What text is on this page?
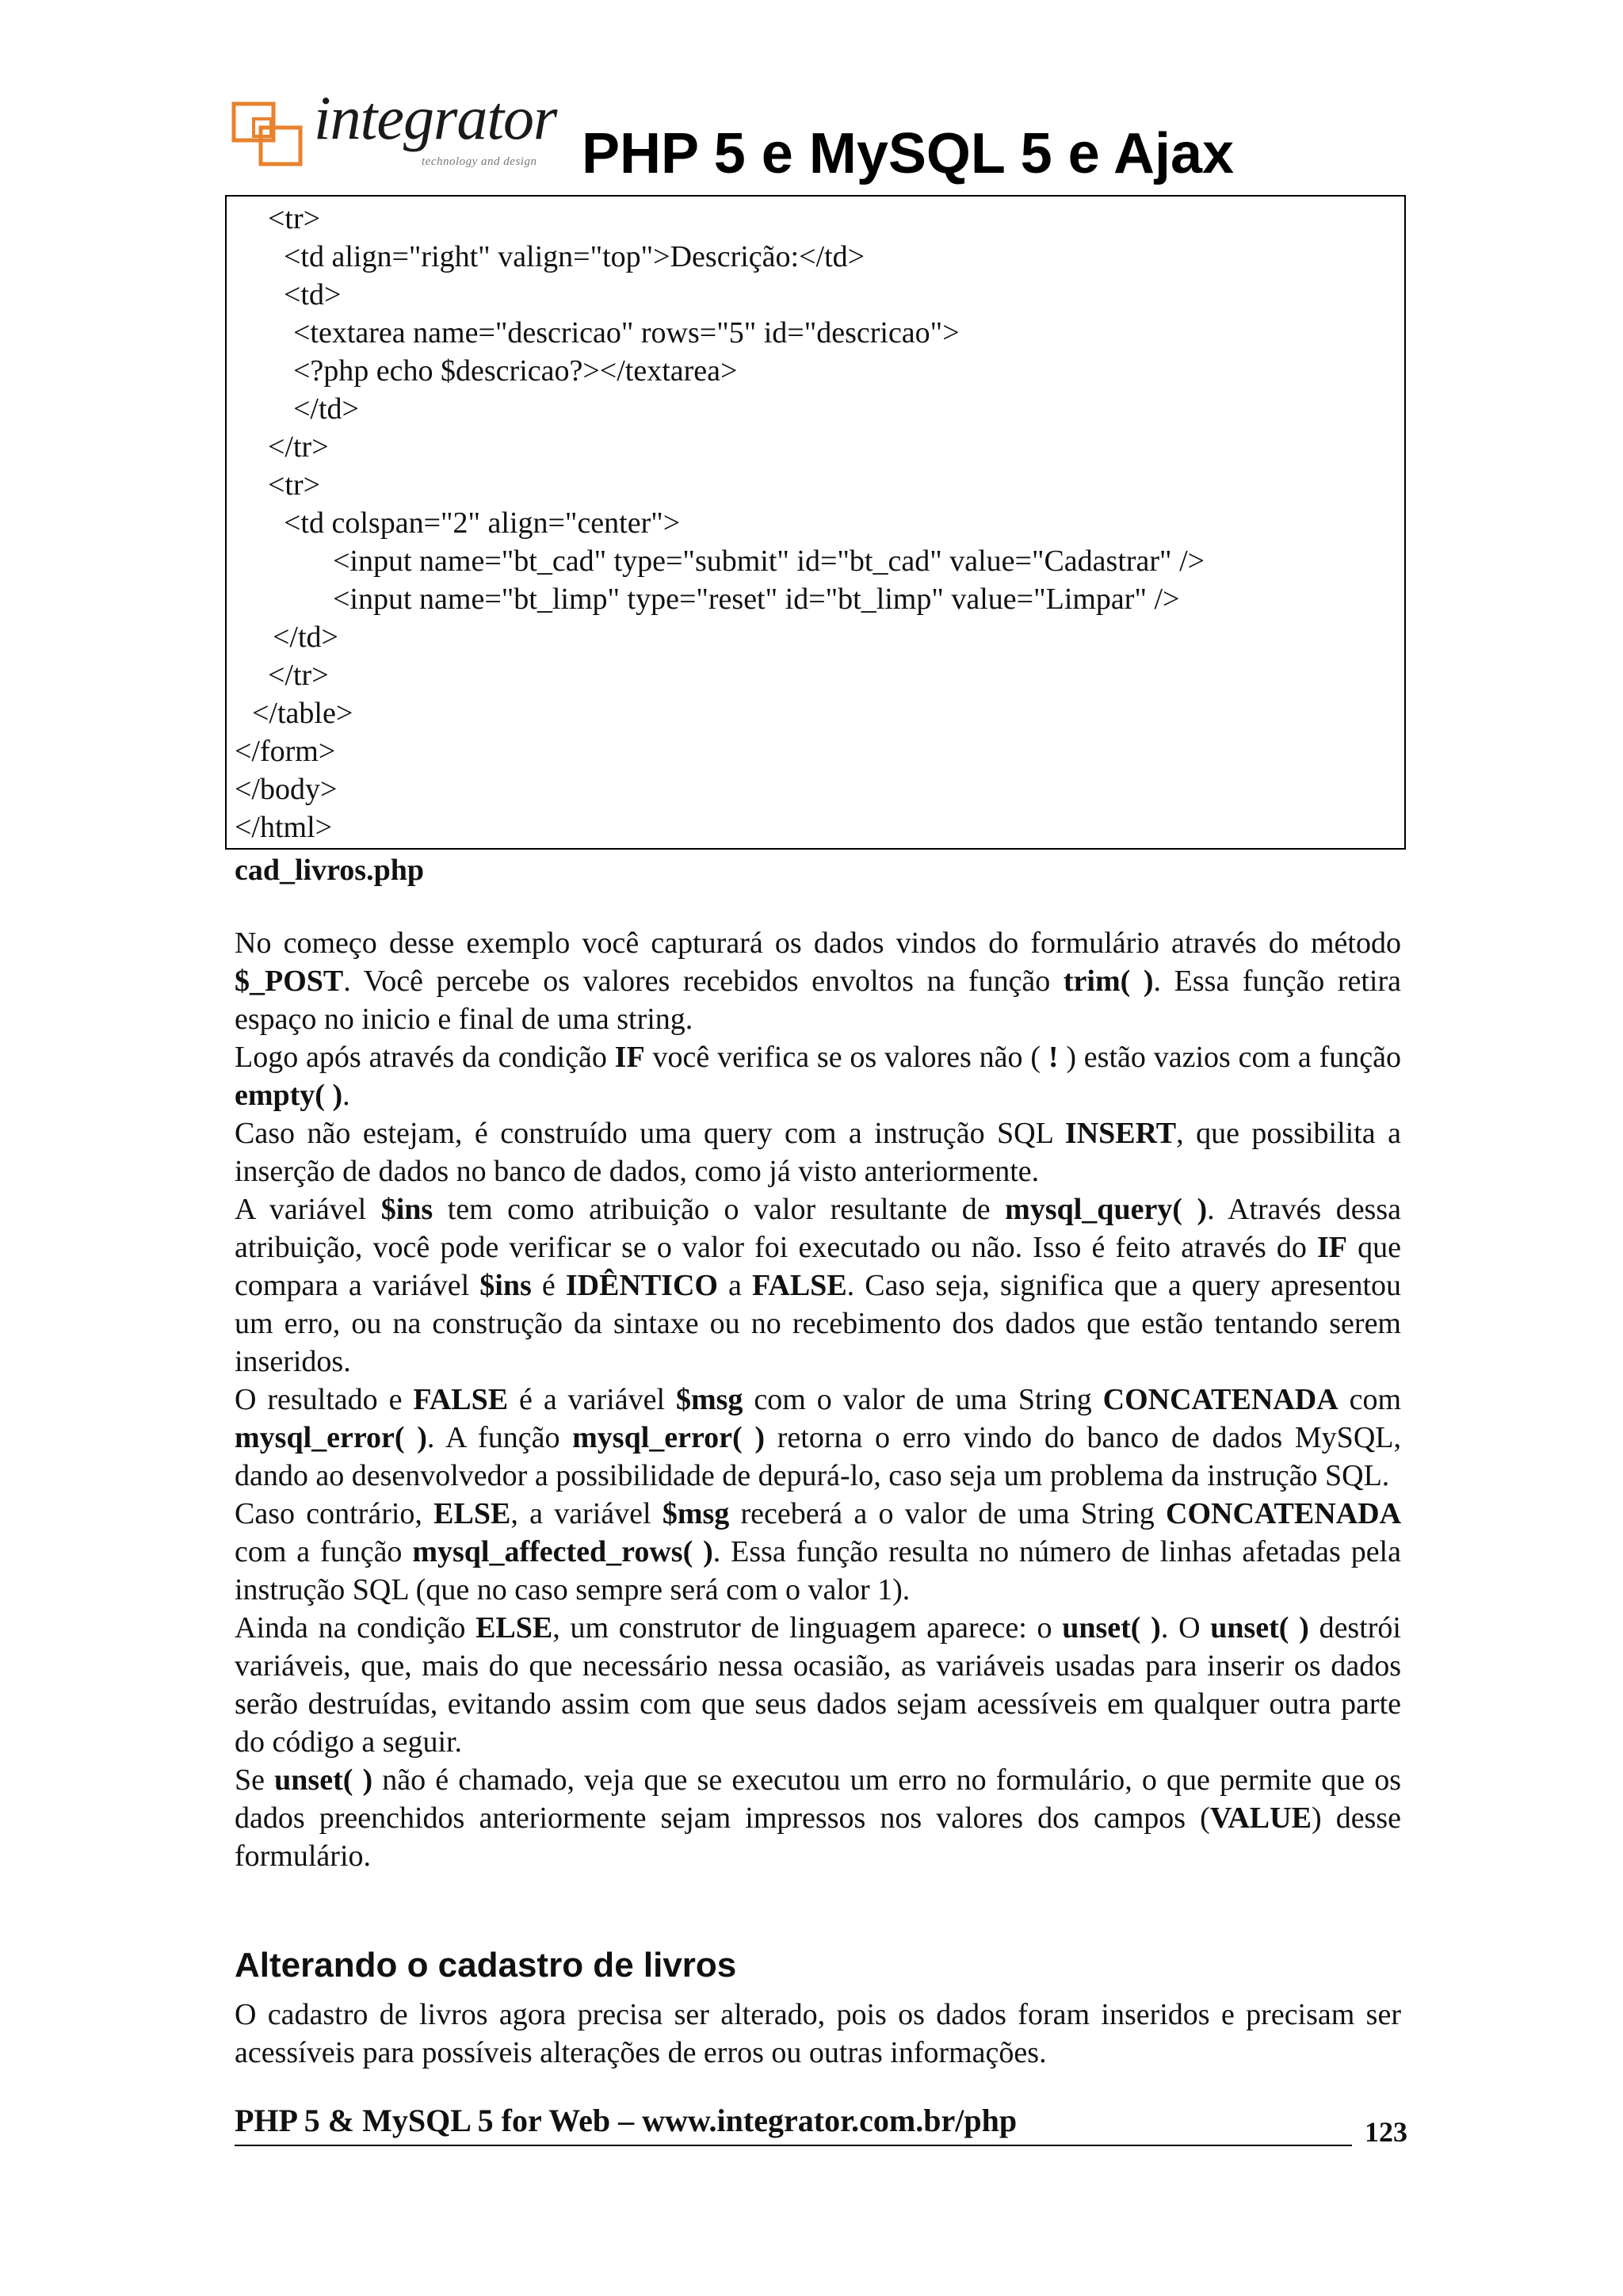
integrator
technology and design PHP 5 e MySQL 5 e Ajax
<tr>
<td align="right" valign="top">Descrição:</td>
<td>
<textarea name="descricao" rows="5" id="descricao">
<?php echo $descricao?></textarea>
</td>
</tr>
<tr>
<td colspan="2" align="center">
<input name="bt_cad" type="submit" id="bt_cad" value="Cadastrar" />
<input name="bt_limp" type="reset" id="bt_limp" value="Limpar" />
</td>
</tr>
</table>
</form>
</body>
</html>
cad_livros.php

No começo desse exemplo você capturará os dados vindos do formulário através do método $_POST. Você percebe os valores recebidos envoltos na função trim( ). Essa função retira espaço no inicio e final de uma string.

Logo após através da condição IF você verifica se os valores não ( ! ) estão vazios com a função empty( ).

Caso não estejam, é construído uma query com a instrução SQL INSERT, que possibilita a inserção de dados no banco de dados, como já visto anteriormente.

A variável $ins tem como atribuição o valor resultante de mysql_query( ). Através dessa atribuição, você pode verificar se o valor foi executado ou não. Isso é feito através do IF que compara a variável $ins é IDÊNTICO a FALSE. Caso seja, significa que a query apresentou um erro, ou na construção da sintaxe ou no recebimento dos dados que estão tentando serem inseridos.

O resultado e FALSE é a variável $msg com o valor de uma String CONCATENADA com mysql_error( ). A função mysql_error( ) retorna o erro vindo do banco de dados MySQL, dando ao desenvolvedor a possibilidade de depurá-lo, caso seja um problema da instrução SQL.

Caso contrário, ELSE, a variável $msg receberá a o valor de uma String CONCATENADA com a função mysql_affected_rows( ). Essa função resulta no número de linhas afetadas pela instrução SQL (que no caso sempre será com o valor 1).

Ainda na condição ELSE, um construtor de linguagem aparece: o unset( ). O unset( ) destrói variáveis, que, mais do que necessário nessa ocasião, as variáveis usadas para inserir os dados serão destruídas, evitando assim com que seus dados sejam acessíveis em qualquer outra parte do código a seguir.

Se unset( ) não é chamado, veja que se executou um erro no formulário, o que permite que os dados preenchidos anteriormente sejam impressos nos valores dos campos (VALUE) desse formulário.

Alterando o cadastro de livros
O cadastro de livros agora precisa ser alterado, pois os dados foram inseridos e precisam ser acessíveis para possíveis alterações de erros ou outras informações.
PHP 5 & MySQL 5 for Web – www.integrator.com.br/php	123
